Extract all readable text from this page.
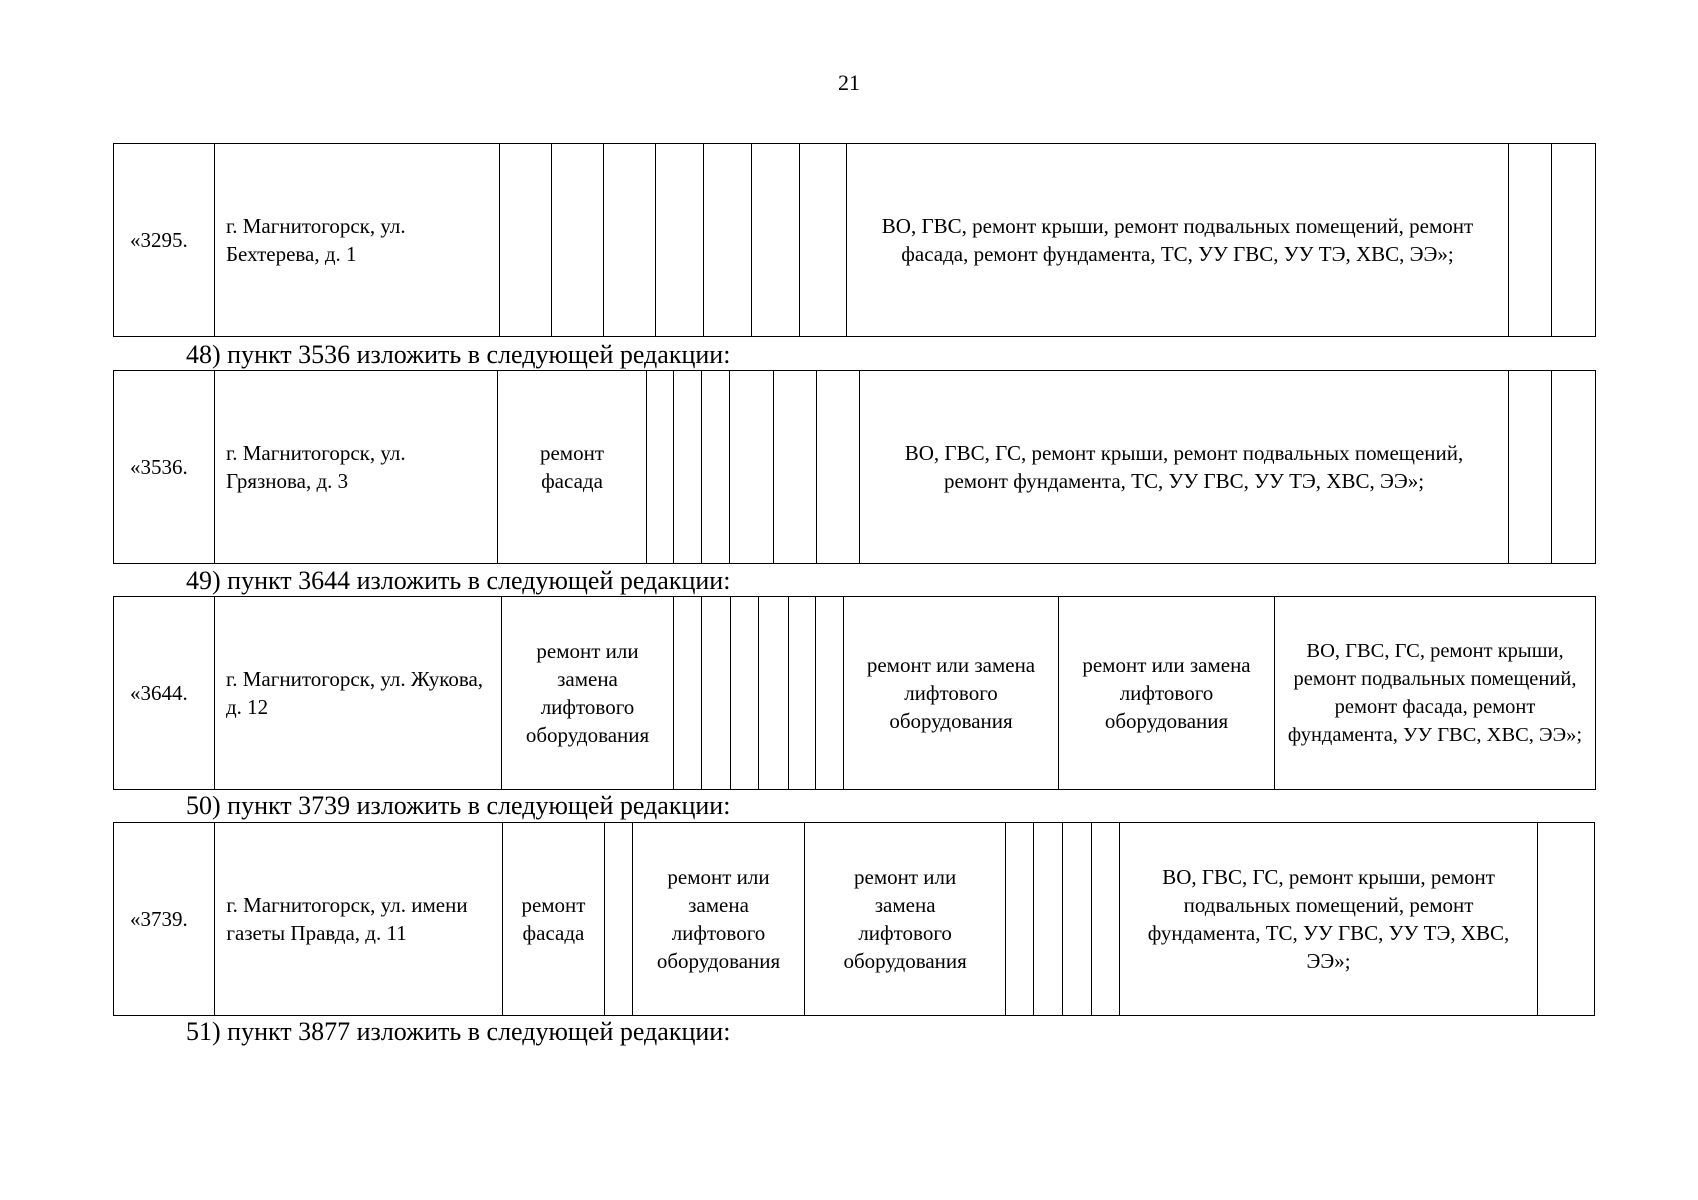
21
«3295.	г. Магнитогорск, ул. Бехтерева, д. 1								ВО, ГВС, ремонт крыши, ремонт подвальных помещений, ремонт фасада, ремонт фундамента, ТС, УУ ГВС, УУ ТЭ, ХВС, ЭЭ»;		
48) пункт 3536 изложить в следующей редакции:
«3536.	г. Магнитогорск, ул. Грязнова, д. 3	ремонт фасада							ВО, ГВС, ГС, ремонт крыши, ремонт подвальных помещений, ремонт фундамента, ТС, УУ ГВС, УУ ТЭ, ХВС, ЭЭ»;		
49) пункт 3644 изложить в следующей редакции:
«3644.	г. Магнитогорск, ул. Жукова, д. 12	ремонт или замена лифтового оборудования							ремонт или замена лифтового оборудования	ремонт или замена лифтового оборудования	ВО, ГВС, ГС, ремонт крыши, ремонт подвальных помещений, ремонт фасада, ремонт фундамента, УУ ГВС, ХВС, ЭЭ»;
50) пункт 3739 изложить в следующей редакции:
«3739.	г. Магнитогорск, ул. имени газеты Правда, д. 11	ремонт фасада		ремонт или замена лифтового оборудования	ремонт или замена лифтового оборудования					ВО, ГВС, ГС, ремонт крыши, ремонт подвальных помещений, ремонт фундамента, ТС, УУ ГВС, УУ ТЭ, ХВС, ЭЭ»;	
51) пункт 3877 изложить в следующей редакции:
